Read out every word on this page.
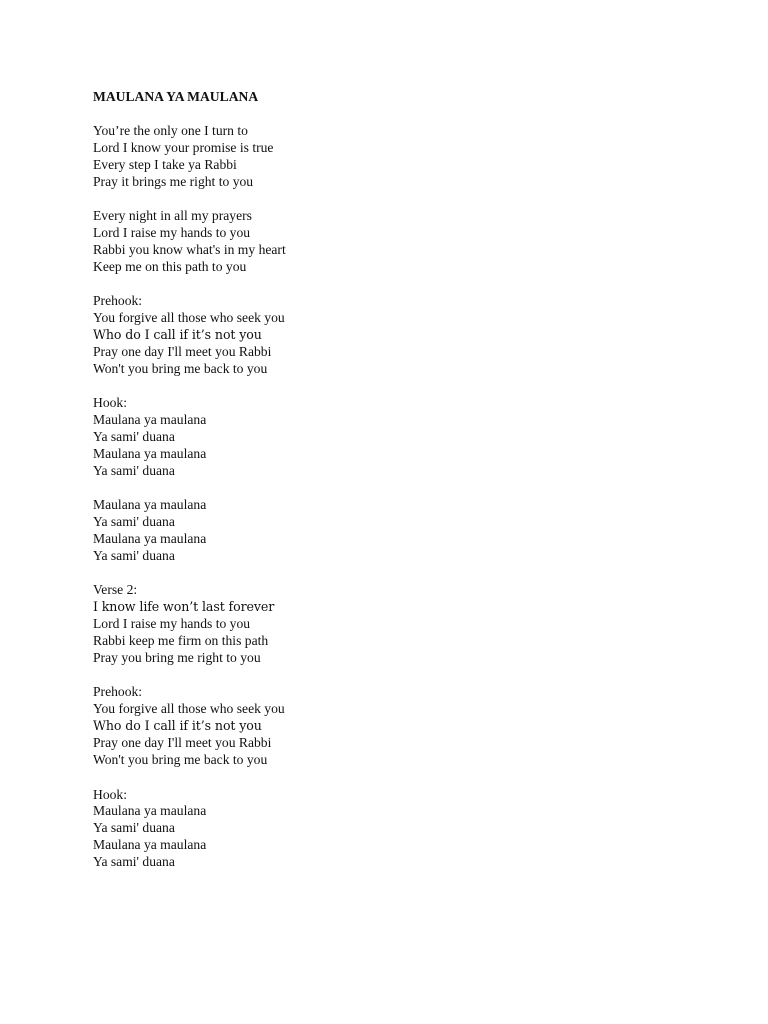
MAULANA YA MAULANA
You’re the only one I turn to
Lord I know your promise is true
Every step I take ya Rabbi
Pray it brings me right to you
Every night in all my prayers
Lord I raise my hands to you
Rabbi you know what's in my heart
Keep me on this path to you
Prehook:
You forgive all those who seek you
Who do I call if it’s not you
Pray one day I'll meet you Rabbi
Won't you bring me back to you
Hook:
Maulana ya maulana
Ya sami' duana
Maulana ya maulana
Ya sami' duana
Maulana ya maulana
Ya sami' duana
Maulana ya maulana
Ya sami' duana
Verse 2:
I know life won’t last forever
Lord I raise my hands to you
Rabbi keep me firm on this path
Pray you bring me right to you
Prehook:
You forgive all those who seek you
Who do I call if it’s not you
Pray one day I'll meet you Rabbi
Won't you bring me back to you
Hook:
Maulana ya maulana
Ya sami' duana
Maulana ya maulana
Ya sami' duana
